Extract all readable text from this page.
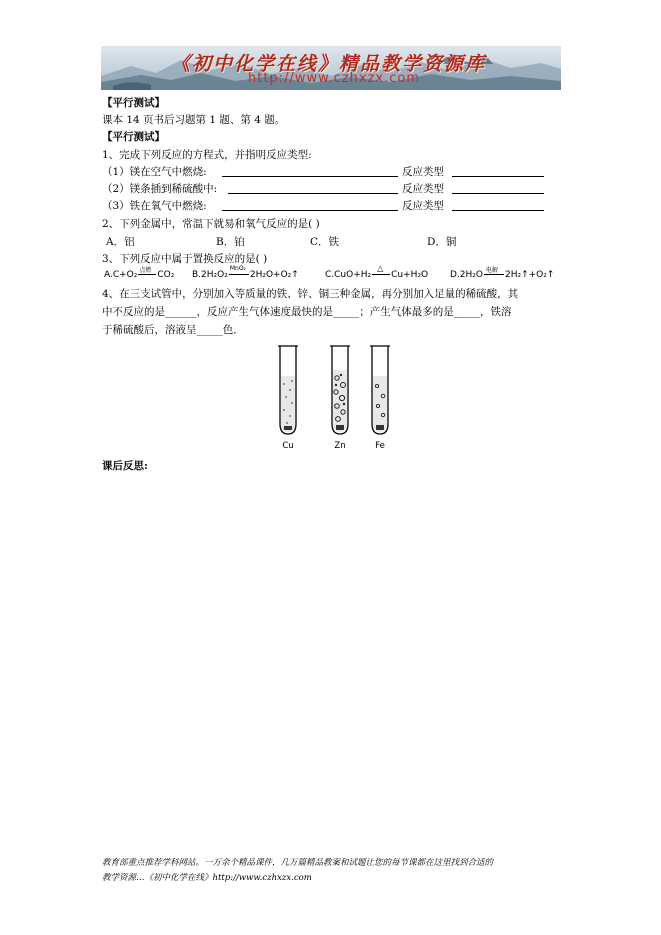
《初中化学在线》精品教学资源库
http://www.czhxzx.com
【平行测试】
课本 14 页书后习题第 1 题、第 4 题。
【平行测试】
1、完成下列反应的方程式，并指明反应类型:
（1）镁在空气中燃烧:	反应类型
（2）镁条插到稀硫酸中:	反应类型
（3）铁在氧气中燃烧:	反应类型
2、下列金属中，常温下就易和氧气反应的是( )
A．铝	B．铂	C．铁	D．铜
3、下列反应中属于置换反应的是( )
A.C+O₂ 点燃 CO₂ B.2H₂O₂
MnO₂
2H₂O+O₂↑	C.CuO+H₂
△
Cu+H₂O D.2H₂O 电解 2H₂↑+O₂↑
4、在三支试管中，分别加入等质量的铁、锌、铜三种金属，再分别加入足量的稀硫酸，其
中不反应的是______，反应产生气体速度最快的是_____；产生气体最多的是_____，铁溶
于稀硫酸后，溶液呈_____色．
Cu	Zn	Fe
课后反思:
教育部重点推荐学科网站。一万余个精品课件，几万篇精品教案和试题让您的每节课都在这里找到合适的
教学资源…《初中化学在线》http://www.czhxzx.com
